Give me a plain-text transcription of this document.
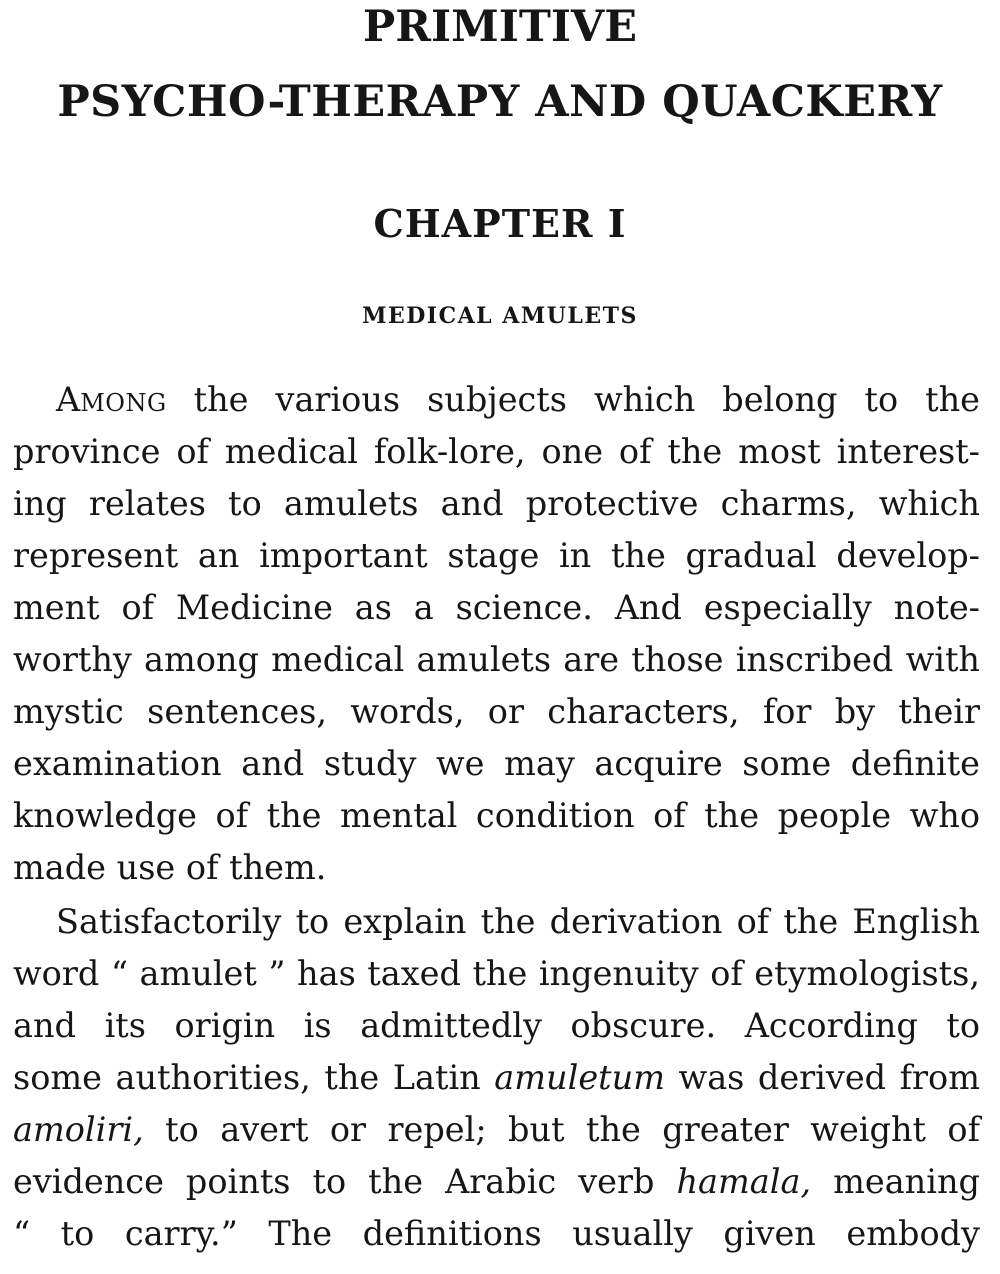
PRIMITIVE
PSYCHO-THERAPY AND QUACKERY
CHAPTER I
MEDICAL AMULETS
AMONG the various subjects which belong to the
province of medical folk-lore, one of the most interest-
ing relates to amulets and protective charms, which
represent an important stage in the gradual develop-
ment of Medicine as a science. And especially note-
worthy among medical amulets are those inscribed with
mystic sentences, words, or characters, for by their
examination and study we may acquire some definite
knowledge of the mental condition of the people who
made use of them.
Satisfactorily to explain the derivation of the English
word “ amulet ” has taxed the ingenuity of etymologists,
and its origin is admittedly obscure. According to
some authorities, the Latin amuletum was derived from
amoliri, to avert or repel; but the greater weight of
evidence points to the Arabic verb hamala, meaning
“ to carry.” The definitions usually given embody
